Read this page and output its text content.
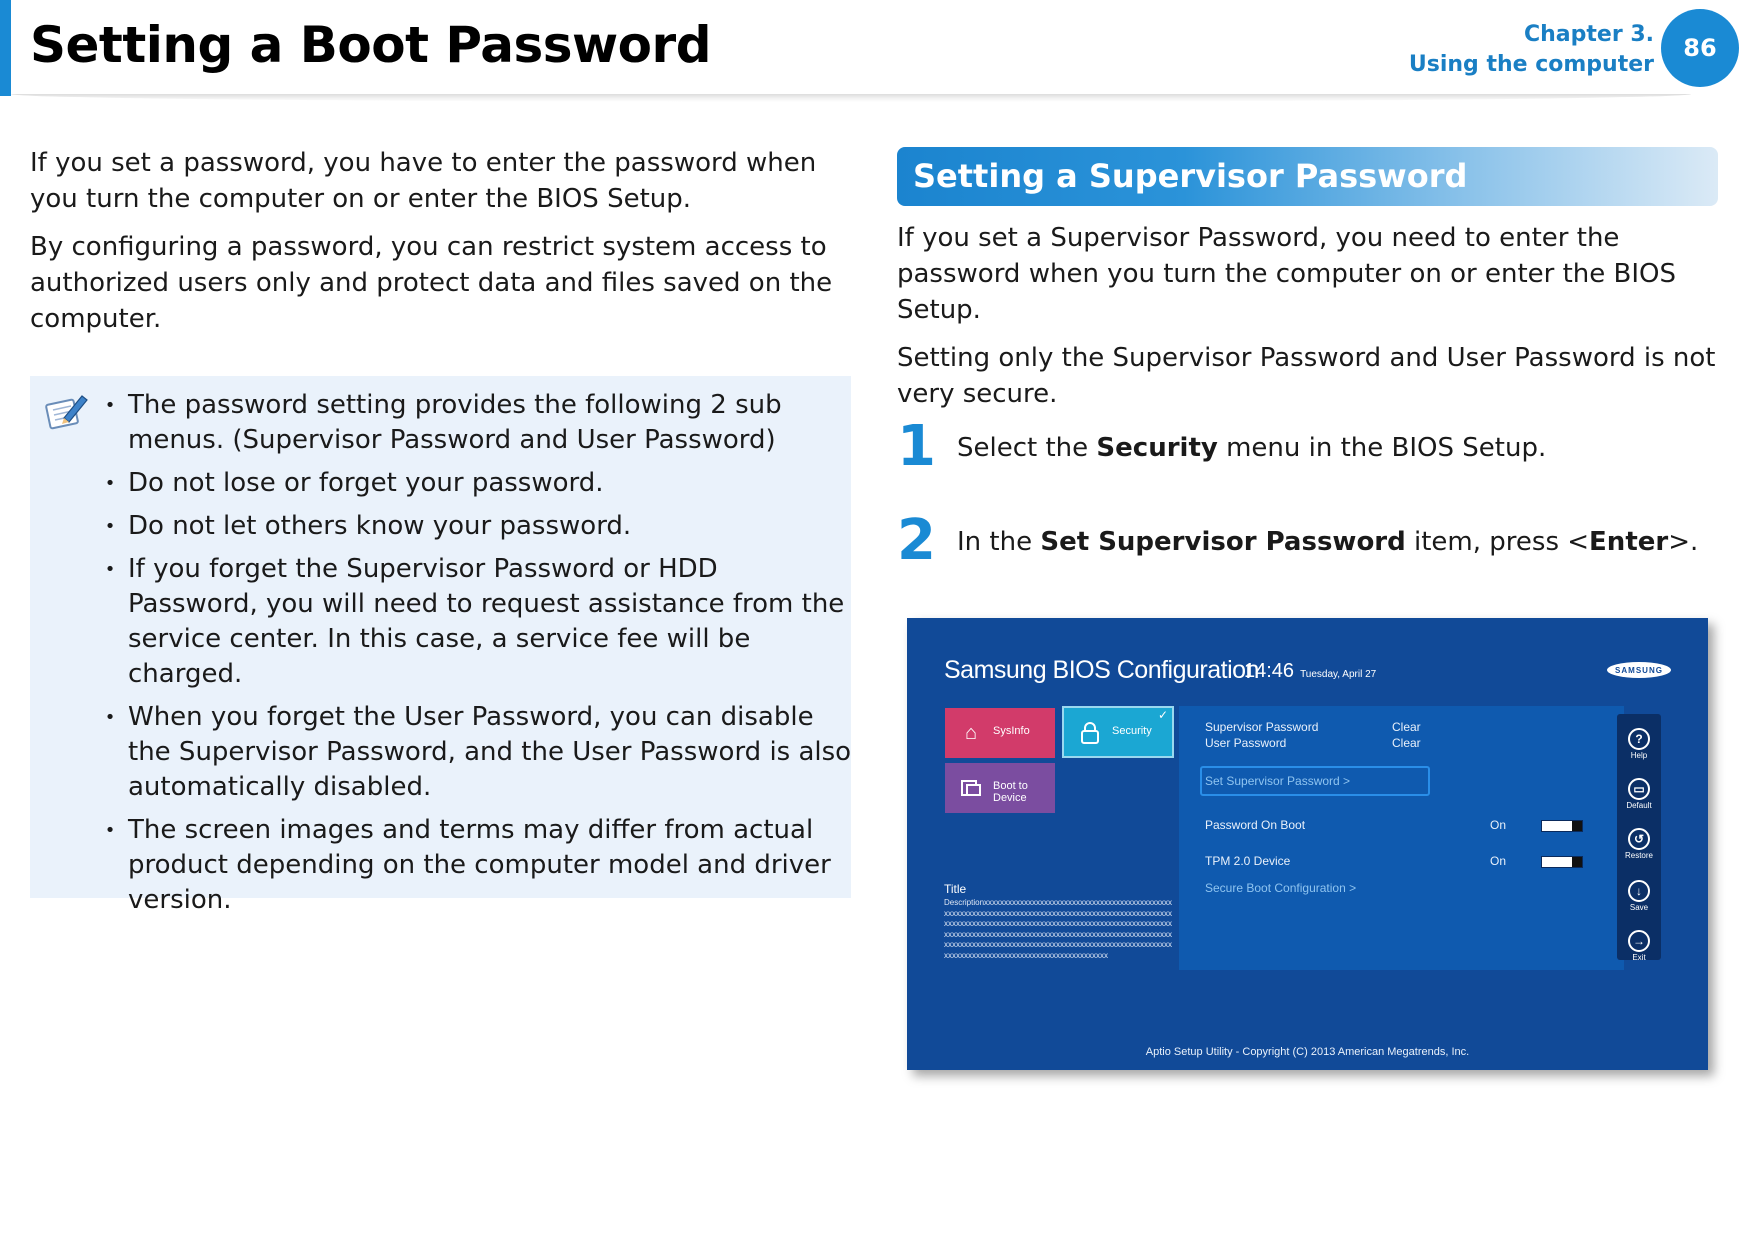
Setting a Boot Password	Chapter 3.
Using the computer
86

If you set a password, you have to enter the password when you turn the computer on or enter the BIOS Setup.

By configuring a password, you can restrict system access to authorized users only and protect data and files saved on the computer.

• The password setting provides the following 2 sub menus. (Supervisor Password and User Password)
• Do not lose or forget your password.
• Do not let others know your password.
• If you forget the Supervisor Password or HDD Password, you will need to request assistance from the service center. In this case, a service fee will be charged.
• When you forget the User Password, you can disable the Supervisor Password, and the User Password is also automatically disabled.
• The screen images and terms may differ from actual product depending on the computer model and driver version.
Setting a Supervisor Password

If you set a Supervisor Password, you need to enter the password when you turn the computer on or enter the BIOS Setup.

Setting only the Supervisor Password and User Password is not very secure.

1 Select the Security menu in the BIOS Setup.
2 In the Set Supervisor Password item, press <Enter>.
Samsung BIOS Configuration
14:46 Tuesday, April 27	SAMSUNG
⌂	SysInfo	Security
✓
Boot to
Device
Supervisor Password	Clear
User Password	Clear
Set Supervisor Password >
Password On Boot	On
TPM 2.0 Device	On
Secure Boot Configuration >
?
Help
▭
Default
↺
Restore
↓
Save
→
Exit
Title
Descriptionxxxxxxxxxxxxxxxxxxxxxxxxxxxxxxxxxxxxxxxxxxxxxxxxxxxxxxxxxxxxxxxxxxxxxxxxxxxxxxxxxxxxxxxxxxxxxxxxxxxxxxxxxxxxxxxxxxxxxxxxxxxxxxxxxxxxxxxxxxxxxxxxxxxxxxxxxxxxxxxxxxxxxxxxxxxxxxxxxxxxxxxxxxxxxxxxxxxxxxxxxxxxxxxxxxxxxxxxxxxxxxxxxxxxxxxxxxxxxxxxxxxxxxxxxxxxxxxxxxxxxxxxxxxxxxxxxxxxxxxxxxxxxxxxxxxxxxxxxxxxxxxxxxxxxxxxxxxx
Aptio Setup Utility - Copyright (C) 2013 American Megatrends, Inc.
